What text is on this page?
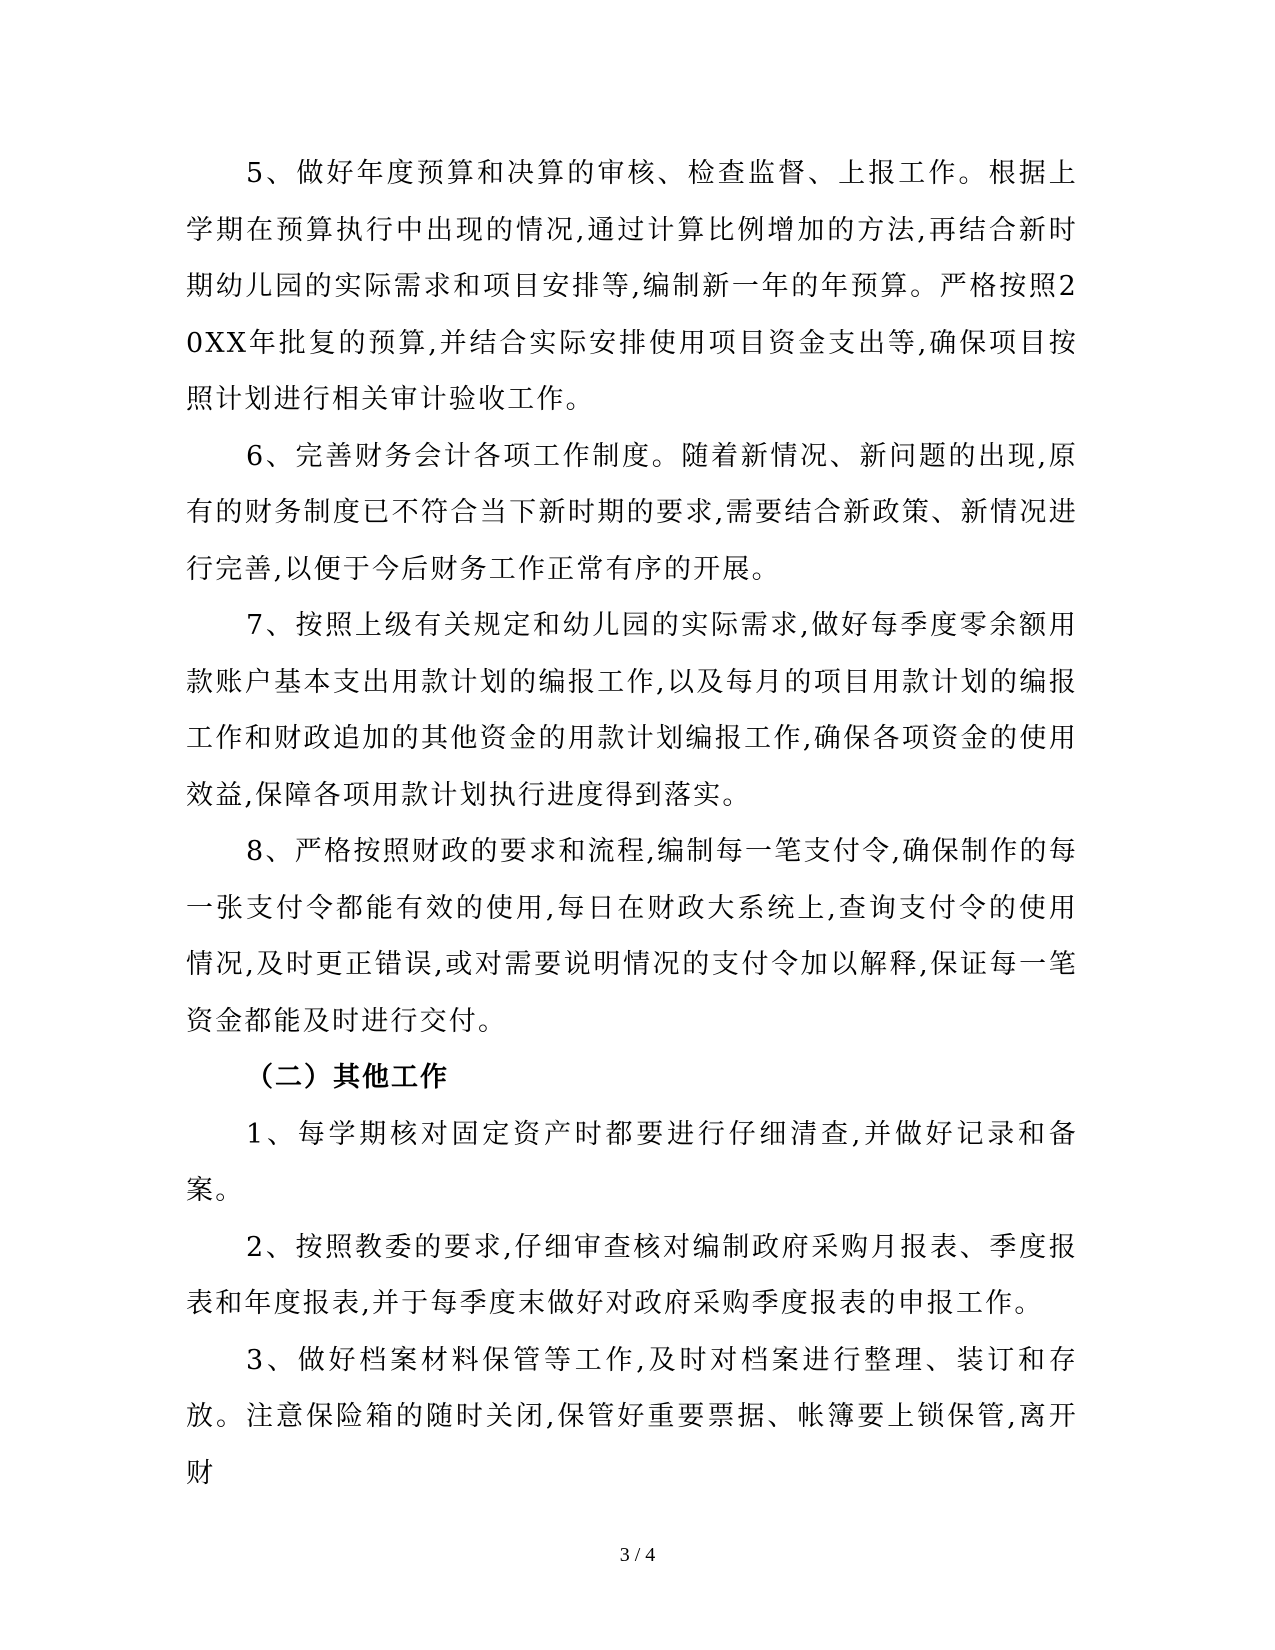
5、做好年度预算和决算的审核、检查监督、上报工作。根据上学期在预算执行中出现的情况,通过计算比例增加的方法,再结合新时期幼儿园的实际需求和项目安排等,编制新一年的年预算。严格按照20XX年批复的预算,并结合实际安排使用项目资金支出等,确保项目按照计划进行相关审计验收工作。

6、完善财务会计各项工作制度。随着新情况、新问题的出现,原有的财务制度已不符合当下新时期的要求,需要结合新政策、新情况进行完善,以便于今后财务工作正常有序的开展。

7、按照上级有关规定和幼儿园的实际需求,做好每季度零余额用款账户基本支出用款计划的编报工作,以及每月的项目用款计划的编报工作和财政追加的其他资金的用款计划编报工作,确保各项资金的使用效益,保障各项用款计划执行进度得到落实。

8、严格按照财政的要求和流程,编制每一笔支付令,确保制作的每一张支付令都能有效的使用,每日在财政大系统上,查询支付令的使用情况,及时更正错误,或对需要说明情况的支付令加以解释,保证每一笔资金都能及时进行交付。

（二）其他工作

1、每学期核对固定资产时都要进行仔细清查,并做好记录和备案。

2、按照教委的要求,仔细审查核对编制政府采购月报表、季度报表和年度报表,并于每季度末做好对政府采购季度报表的申报工作。

3、做好档案材料保管等工作,及时对档案进行整理、装订和存放。注意保险箱的随时关闭,保管好重要票据、帐簿要上锁保管,离开财

3 / 4
